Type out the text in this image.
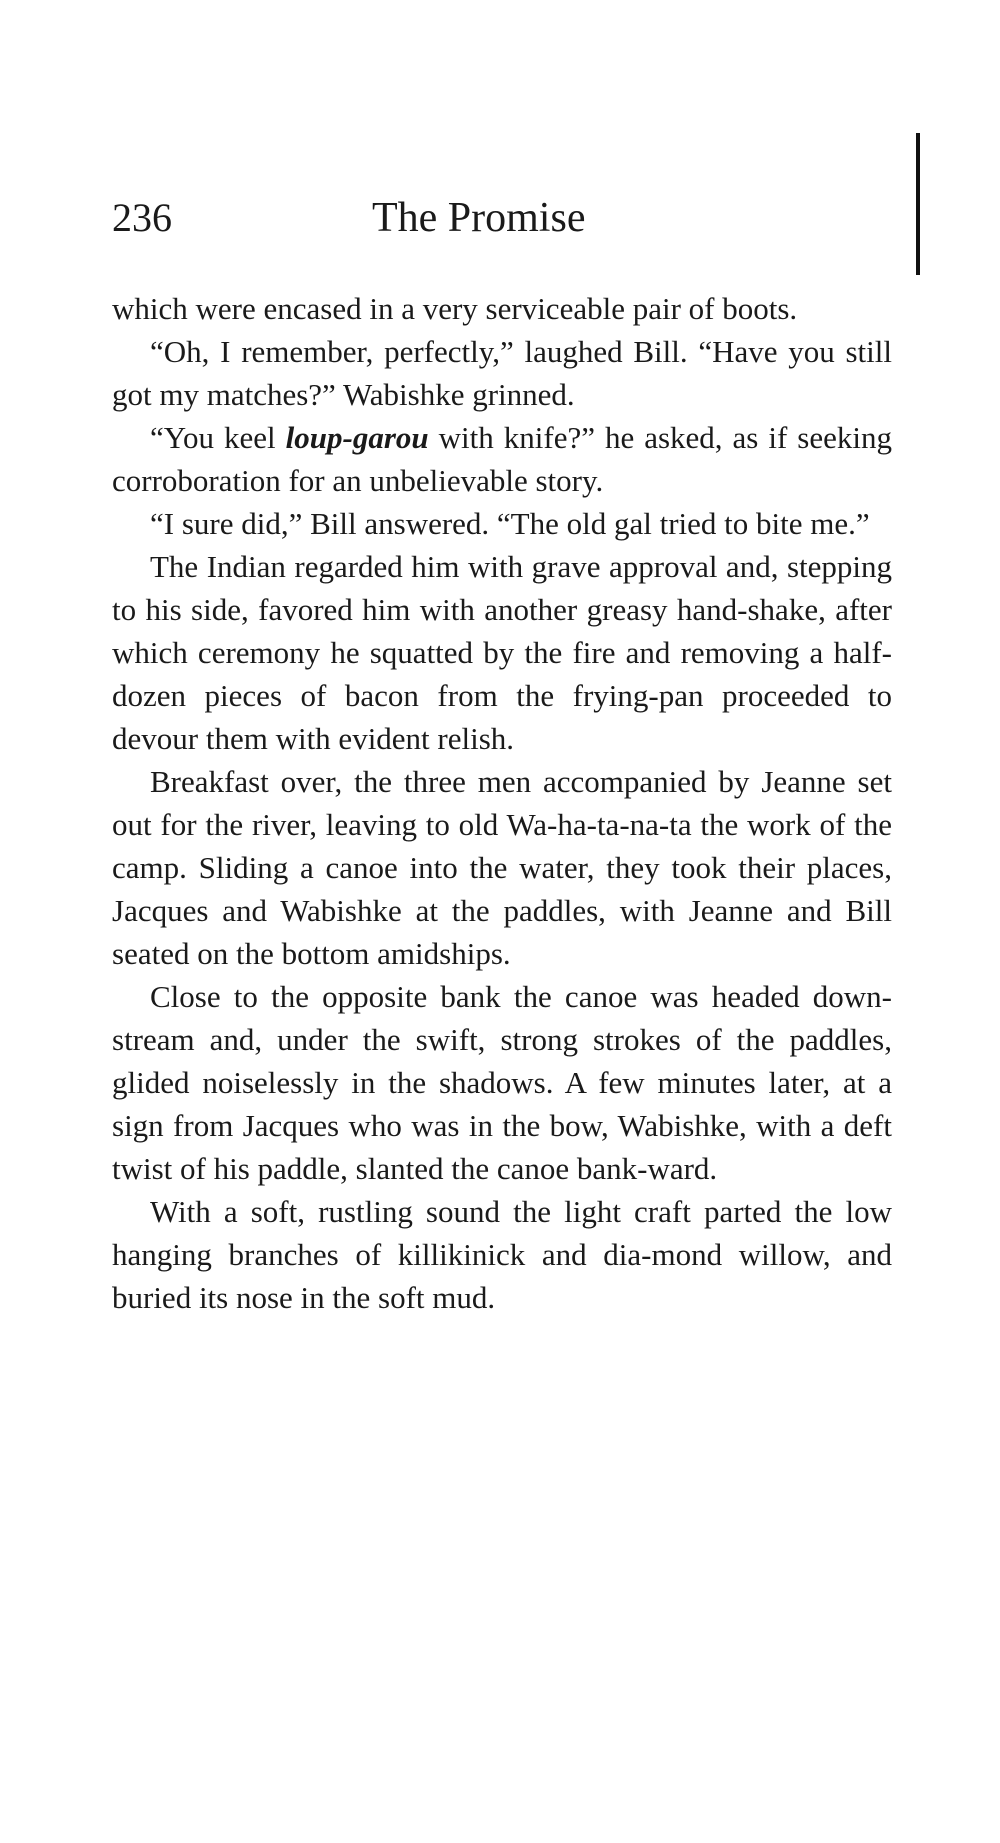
236	The Promise

which were encased in a very serviceable pair of boots.

“Oh, I remember, perfectly,” laughed Bill. “Have you still got my matches?” Wabishke grinned.

“You keel loup-garou with knife?” he asked, as if seeking corroboration for an unbelievable story.

“I sure did,” Bill answered. “The old gal tried to bite me.”

The Indian regarded him with grave approval and, stepping to his side, favored him with another greasy hand-shake, after which ceremony he squatted by the fire and removing a half-dozen pieces of bacon from the frying-pan proceeded to devour them with evident relish.

Breakfast over, the three men accompanied by Jeanne set out for the river, leaving to old Wa-ha-ta-na-ta the work of the camp. Sliding a canoe into the water, they took their places, Jacques and Wabishke at the paddles, with Jeanne and Bill seated on the bottom amidships.

Close to the opposite bank the canoe was headed down-stream and, under the swift, strong strokes of the paddles, glided noiselessly in the shadows. A few minutes later, at a sign from Jacques who was in the bow, Wabishke, with a deft twist of his paddle, slanted the canoe bank-ward.

With a soft, rustling sound the light craft parted the low hanging branches of killikinick and dia-mond willow, and buried its nose in the soft mud.
